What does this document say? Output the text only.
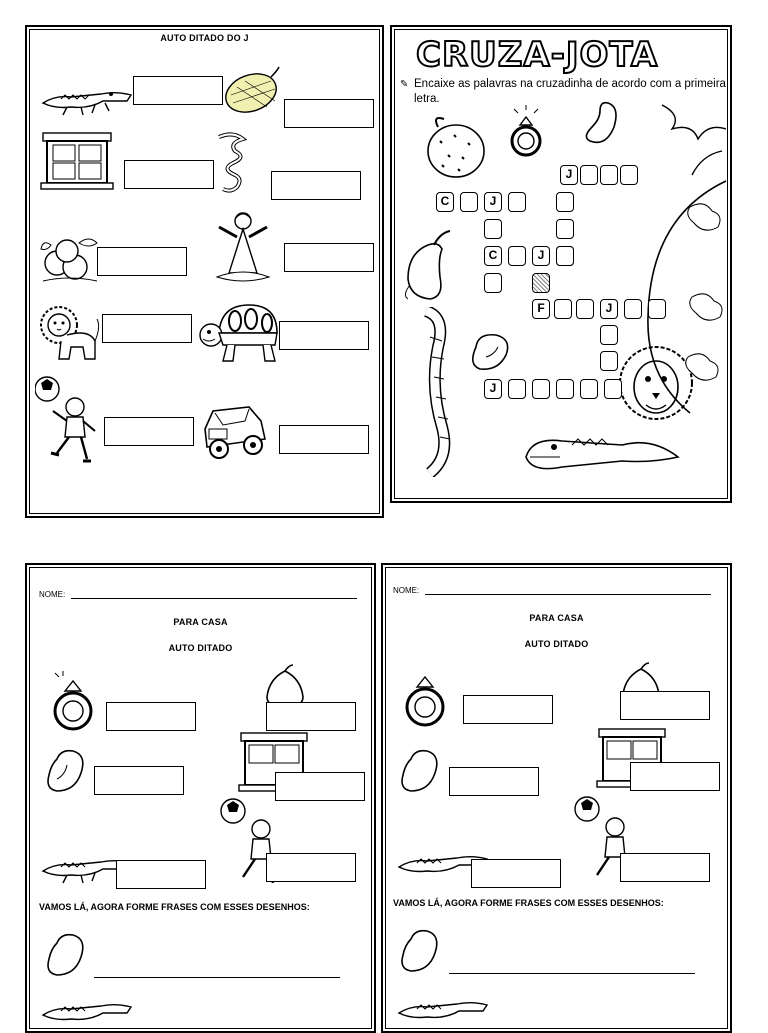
AUTO DITADO DO J	CRUZA-JOTA
✎ Encaixe as palavras na cruzadinha de acordo com a primeira letra.
J
C	J
C	J
F	J
J
NOME:
PARA CASA
AUTO DITADO
VAMOS LÁ, AGORA FORME FRASES COM ESSES DESENHOS:
NOME:
PARA CASA
AUTO DITADO
VAMOS LÁ, AGORA FORME FRASES COM ESSES DESENHOS:
